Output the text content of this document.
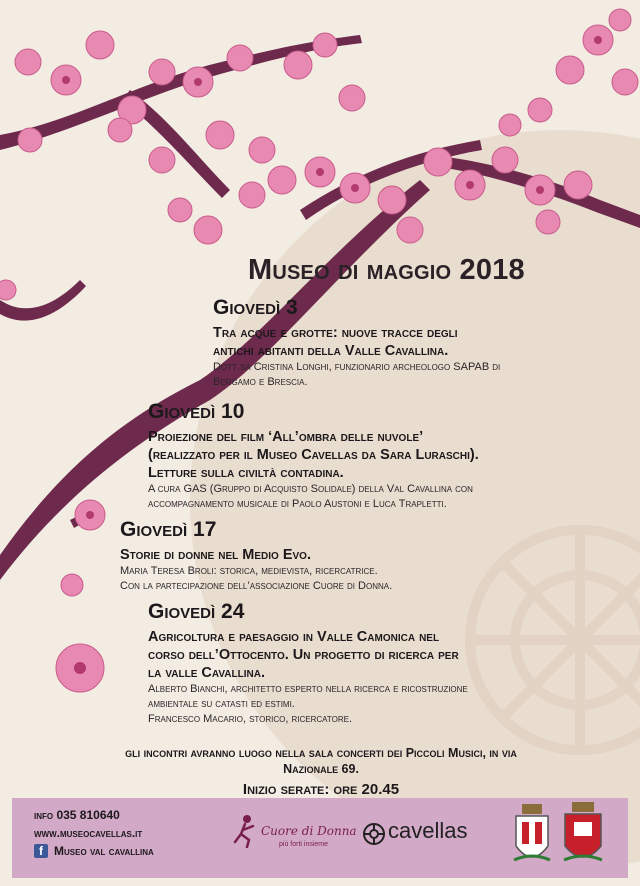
Museo di maggio 2018
Giovedì 3
Tra acque e grotte: nuove tracce degli
antichi abitanti della Valle Cavallina.
Dott.sa Cristina Longhi, funzionario archeologo SAPAB di
Bergamo e Brescia.
Giovedì 10
Proiezione del film ‘All’ombra delle nuvole’
(realizzato per il Museo Cavellas da Sara Luraschi).
Letture sulla civiltà contadina.
A cura GAS (Gruppo di Acquisto Solidale) della Val Cavallina con
accompagnamento musicale di Paolo Austoni e Luca Trapletti.
Giovedì 17
Storie di donne nel Medio Evo.
Maria Teresa Broli: storica, medievista, ricercatrice.
Con la partecipazione dell’associazione Cuore di Donna.
Giovedì 24
Agricoltura e paesaggio in Valle Camonica nel
corso dell’Ottocento. Un progetto di ricerca per
la valle Cavallina.
Alberto Bianchi, architetto esperto nella ricerca e ricostruzione
ambientale su catasti ed estimi.
Francesco Macario, storico, ricercatore.
gli incontri avranno luogo nella sala concerti dei Piccoli Musici, in via
Nazionale 69.
Inizio serate: ore 20.45
info 035 810640
www.museocavellas.it
f Museo val cavallina
Cuore di Donna
più forti insieme
cavellas
